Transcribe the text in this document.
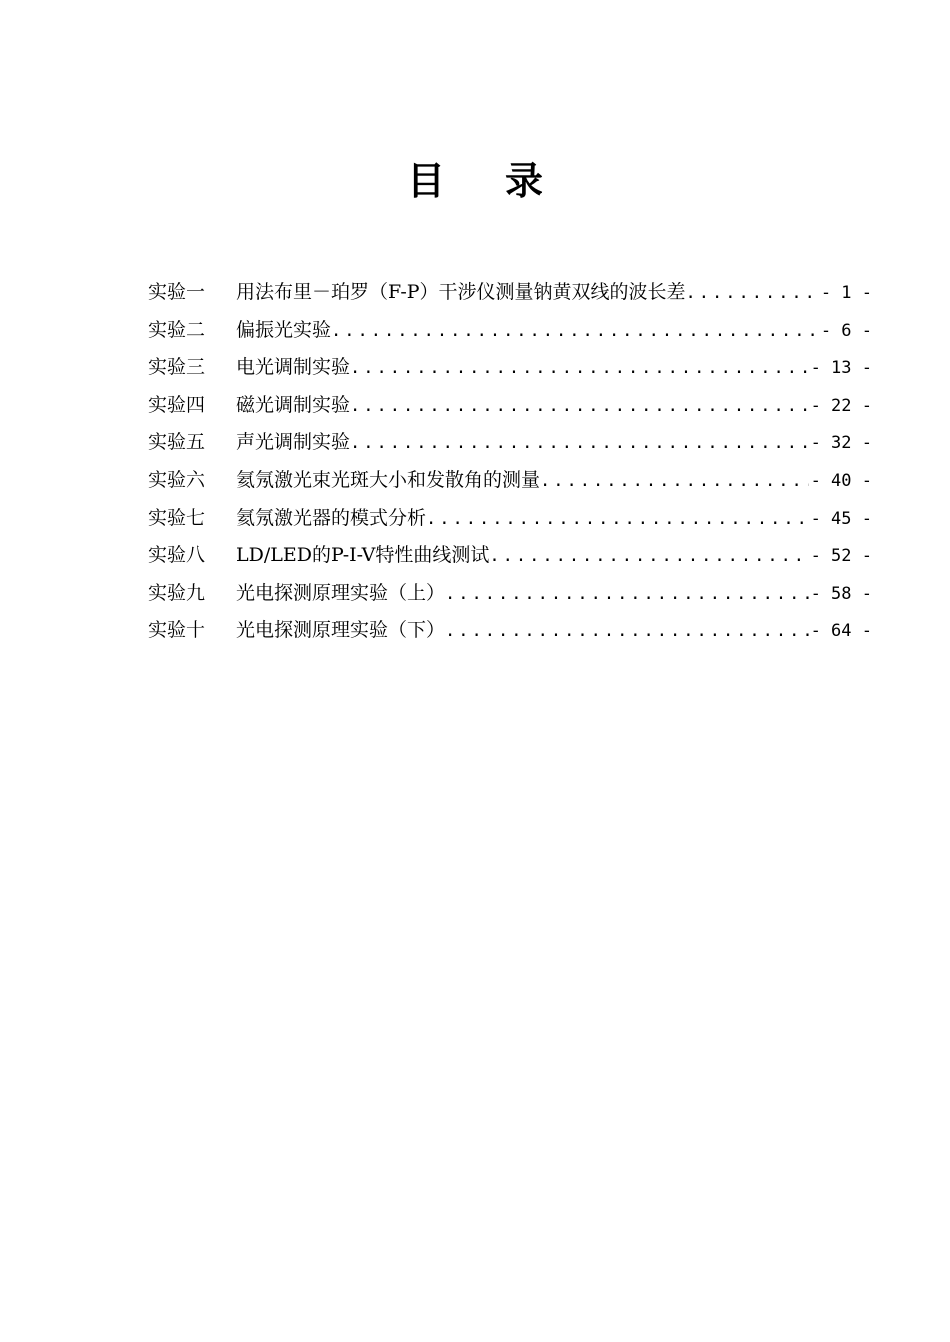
目 录
实验一	用法布里－珀罗（F-P）干涉仪测量钠黄双线的波长差 .....	- 1 -
实验二	偏振光实验 .....	- 6 -
实验三	电光调制实验 .....	- 13 -
实验四	磁光调制实验 .....	- 22 -
实验五	声光调制实验 .....	- 32 -
实验六	氦氖激光束光斑大小和发散角的测量 .....	- 40 -
实验七	氦氖激光器的模式分析 .....	- 45 -
实验八	LD/LED的P-I-V特性曲线测试 .....	- 52 -
实验九	光电探测原理实验（上） .....	- 58 -
实验十	光电探测原理实验（下） .....	- 64 -
